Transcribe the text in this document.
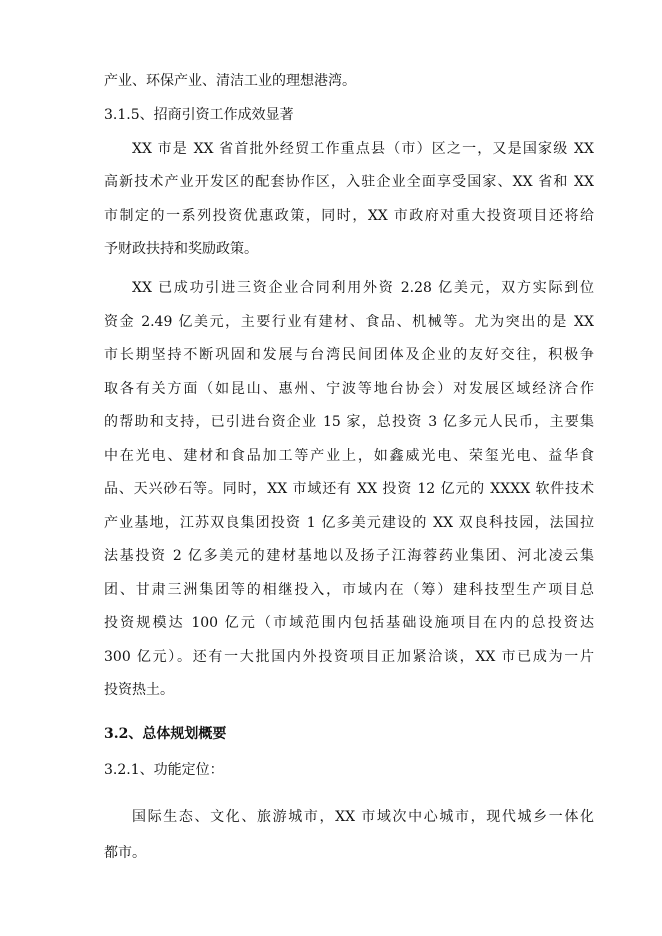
产业、环保产业、清洁工业的理想港湾。
3.1.5、招商引资工作成效显著
XX 市是 XX 省首批外经贸工作重点县（市）区之一，又是国家级 XX
高新技术产业开发区的配套协作区，入驻企业全面享受国家、XX 省和 XX
市制定的一系列投资优惠政策，同时，XX 市政府对重大投资项目还将给
予财政扶持和奖励政策。
XX 已成功引进三资企业合同利用外资 2.28 亿美元，双方实际到位
资金 2.49 亿美元，主要行业有建材、食品、机械等。尤为突出的是 XX
市长期坚持不断巩固和发展与台湾民间团体及企业的友好交往，积极争
取各有关方面（如昆山、惠州、宁波等地台协会）对发展区域经济合作
的帮助和支持，已引进台资企业 15 家，总投资 3 亿多元人民币，主要集
中在光电、建材和食品加工等产业上，如鑫威光电、荣玺光电、益华食
品、天兴砂石等。同时，XX 市域还有 XX 投资 12 亿元的 XXXX 软件技术
产业基地，江苏双良集团投资 1 亿多美元建设的 XX 双良科技园，法国拉
法基投资 2 亿多美元的建材基地以及扬子江海蓉药业集团、河北凌云集
团、甘肃三洲集团等的相继投入，市域内在（筹）建科技型生产项目总
投资规模达 100 亿元（市域范围内包括基础设施项目在内的总投资达
300 亿元）。还有一大批国内外投资项目正加紧洽谈，XX 市已成为一片
投资热土。
3.2、总体规划概要
3.2.1、功能定位：
国际生态、文化、旅游城市，XX 市域次中心城市，现代城乡一体化
都市。
